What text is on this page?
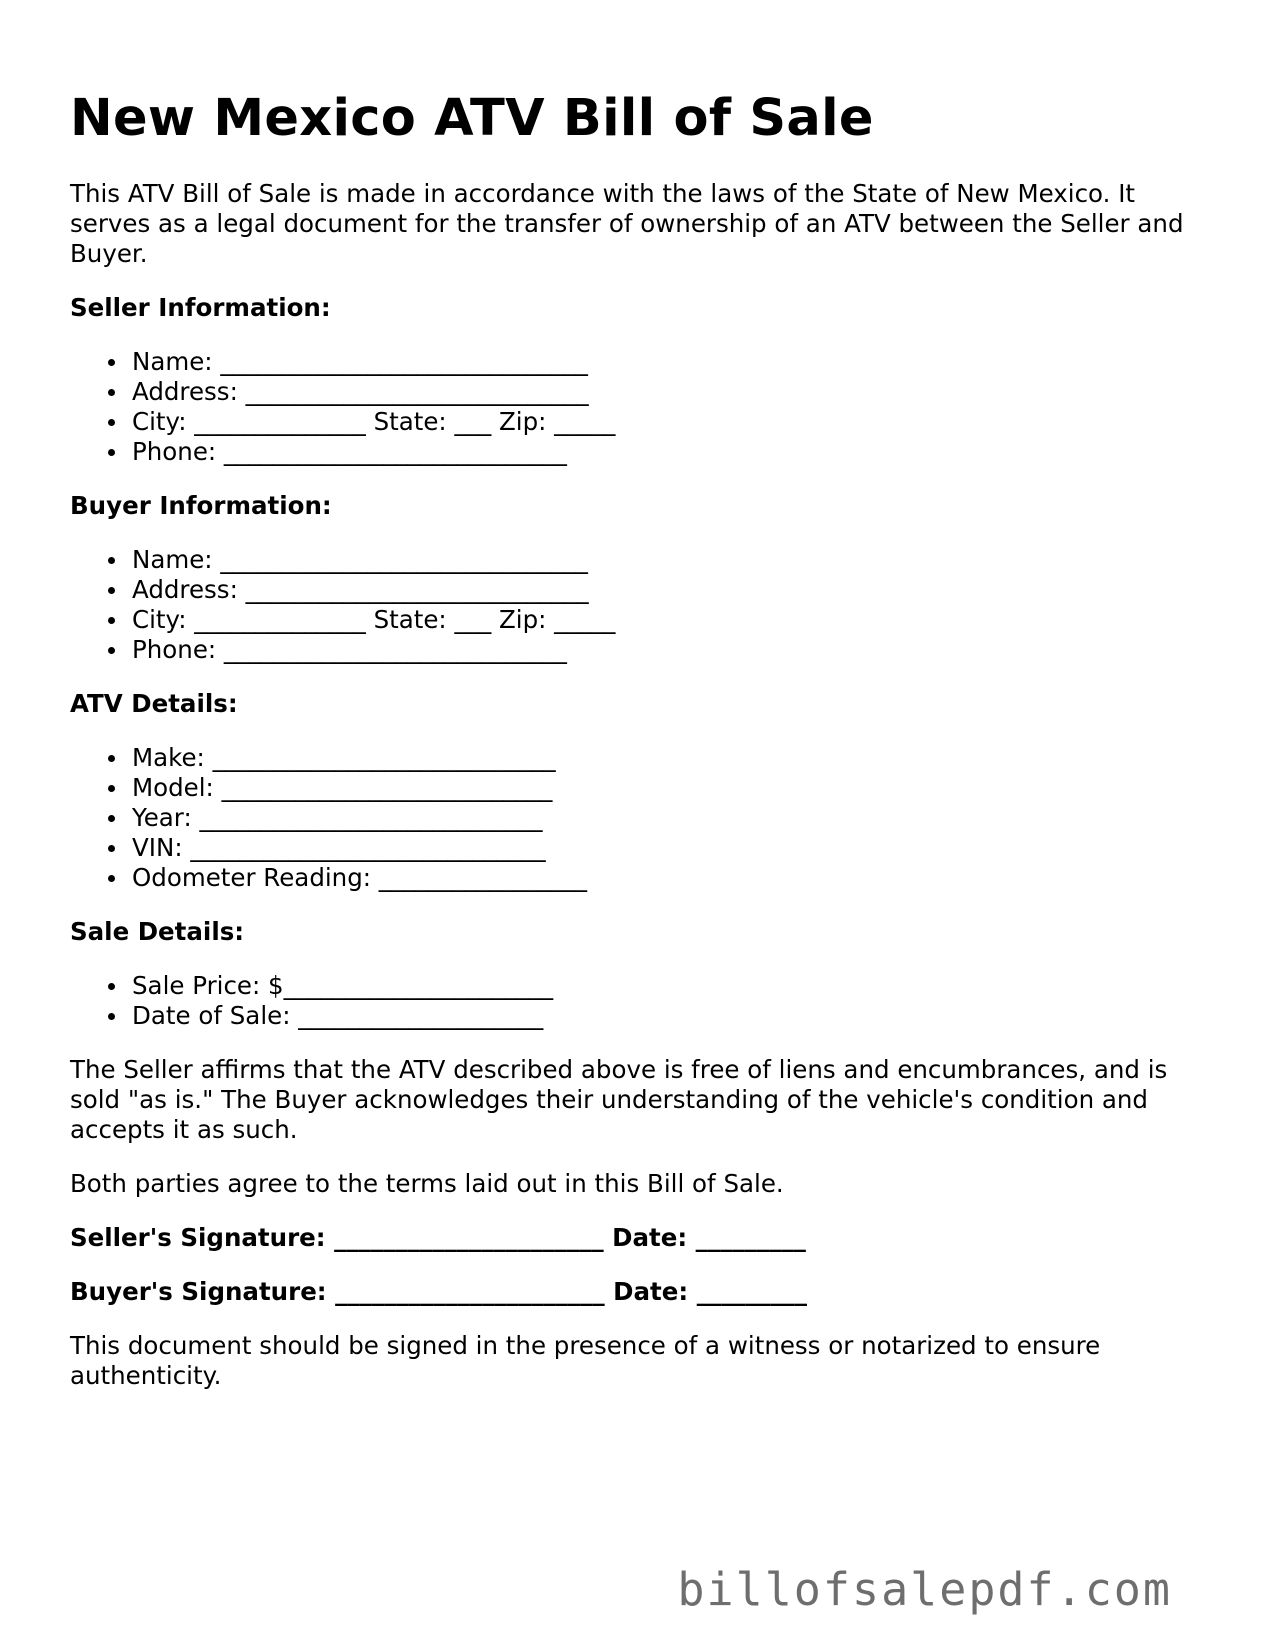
New Mexico ATV Bill of Sale

This ATV Bill of Sale is made in accordance with the laws of the State of New Mexico. It serves as a legal document for the transfer of ownership of an ATV between the Seller and Buyer.

Seller Information:
Name: ______________________________
Address: ____________________________
City: ______________ State: ___ Zip: _____
Phone: ____________________________
Buyer Information:
Name: ______________________________
Address: ____________________________
City: ______________ State: ___ Zip: _____
Phone: ____________________________
ATV Details:
Make: ____________________________
Model: ___________________________
Year: ____________________________
VIN: _____________________________
Odometer Reading: _________________
Sale Details:
Sale Price: $______________________
Date of Sale: ____________________

The Seller affirms that the ATV described above is free of liens and encumbrances, and is sold "as is." The Buyer acknowledges their understanding of the vehicle's condition and accepts it as such.

Both parties agree to the terms laid out in this Bill of Sale.

Seller's Signature: ______________________ Date: _________
Buyer's Signature: ______________________ Date: _________

This document should be signed in the presence of a witness or notarized to ensure authenticity.

billofsalepdf.com
